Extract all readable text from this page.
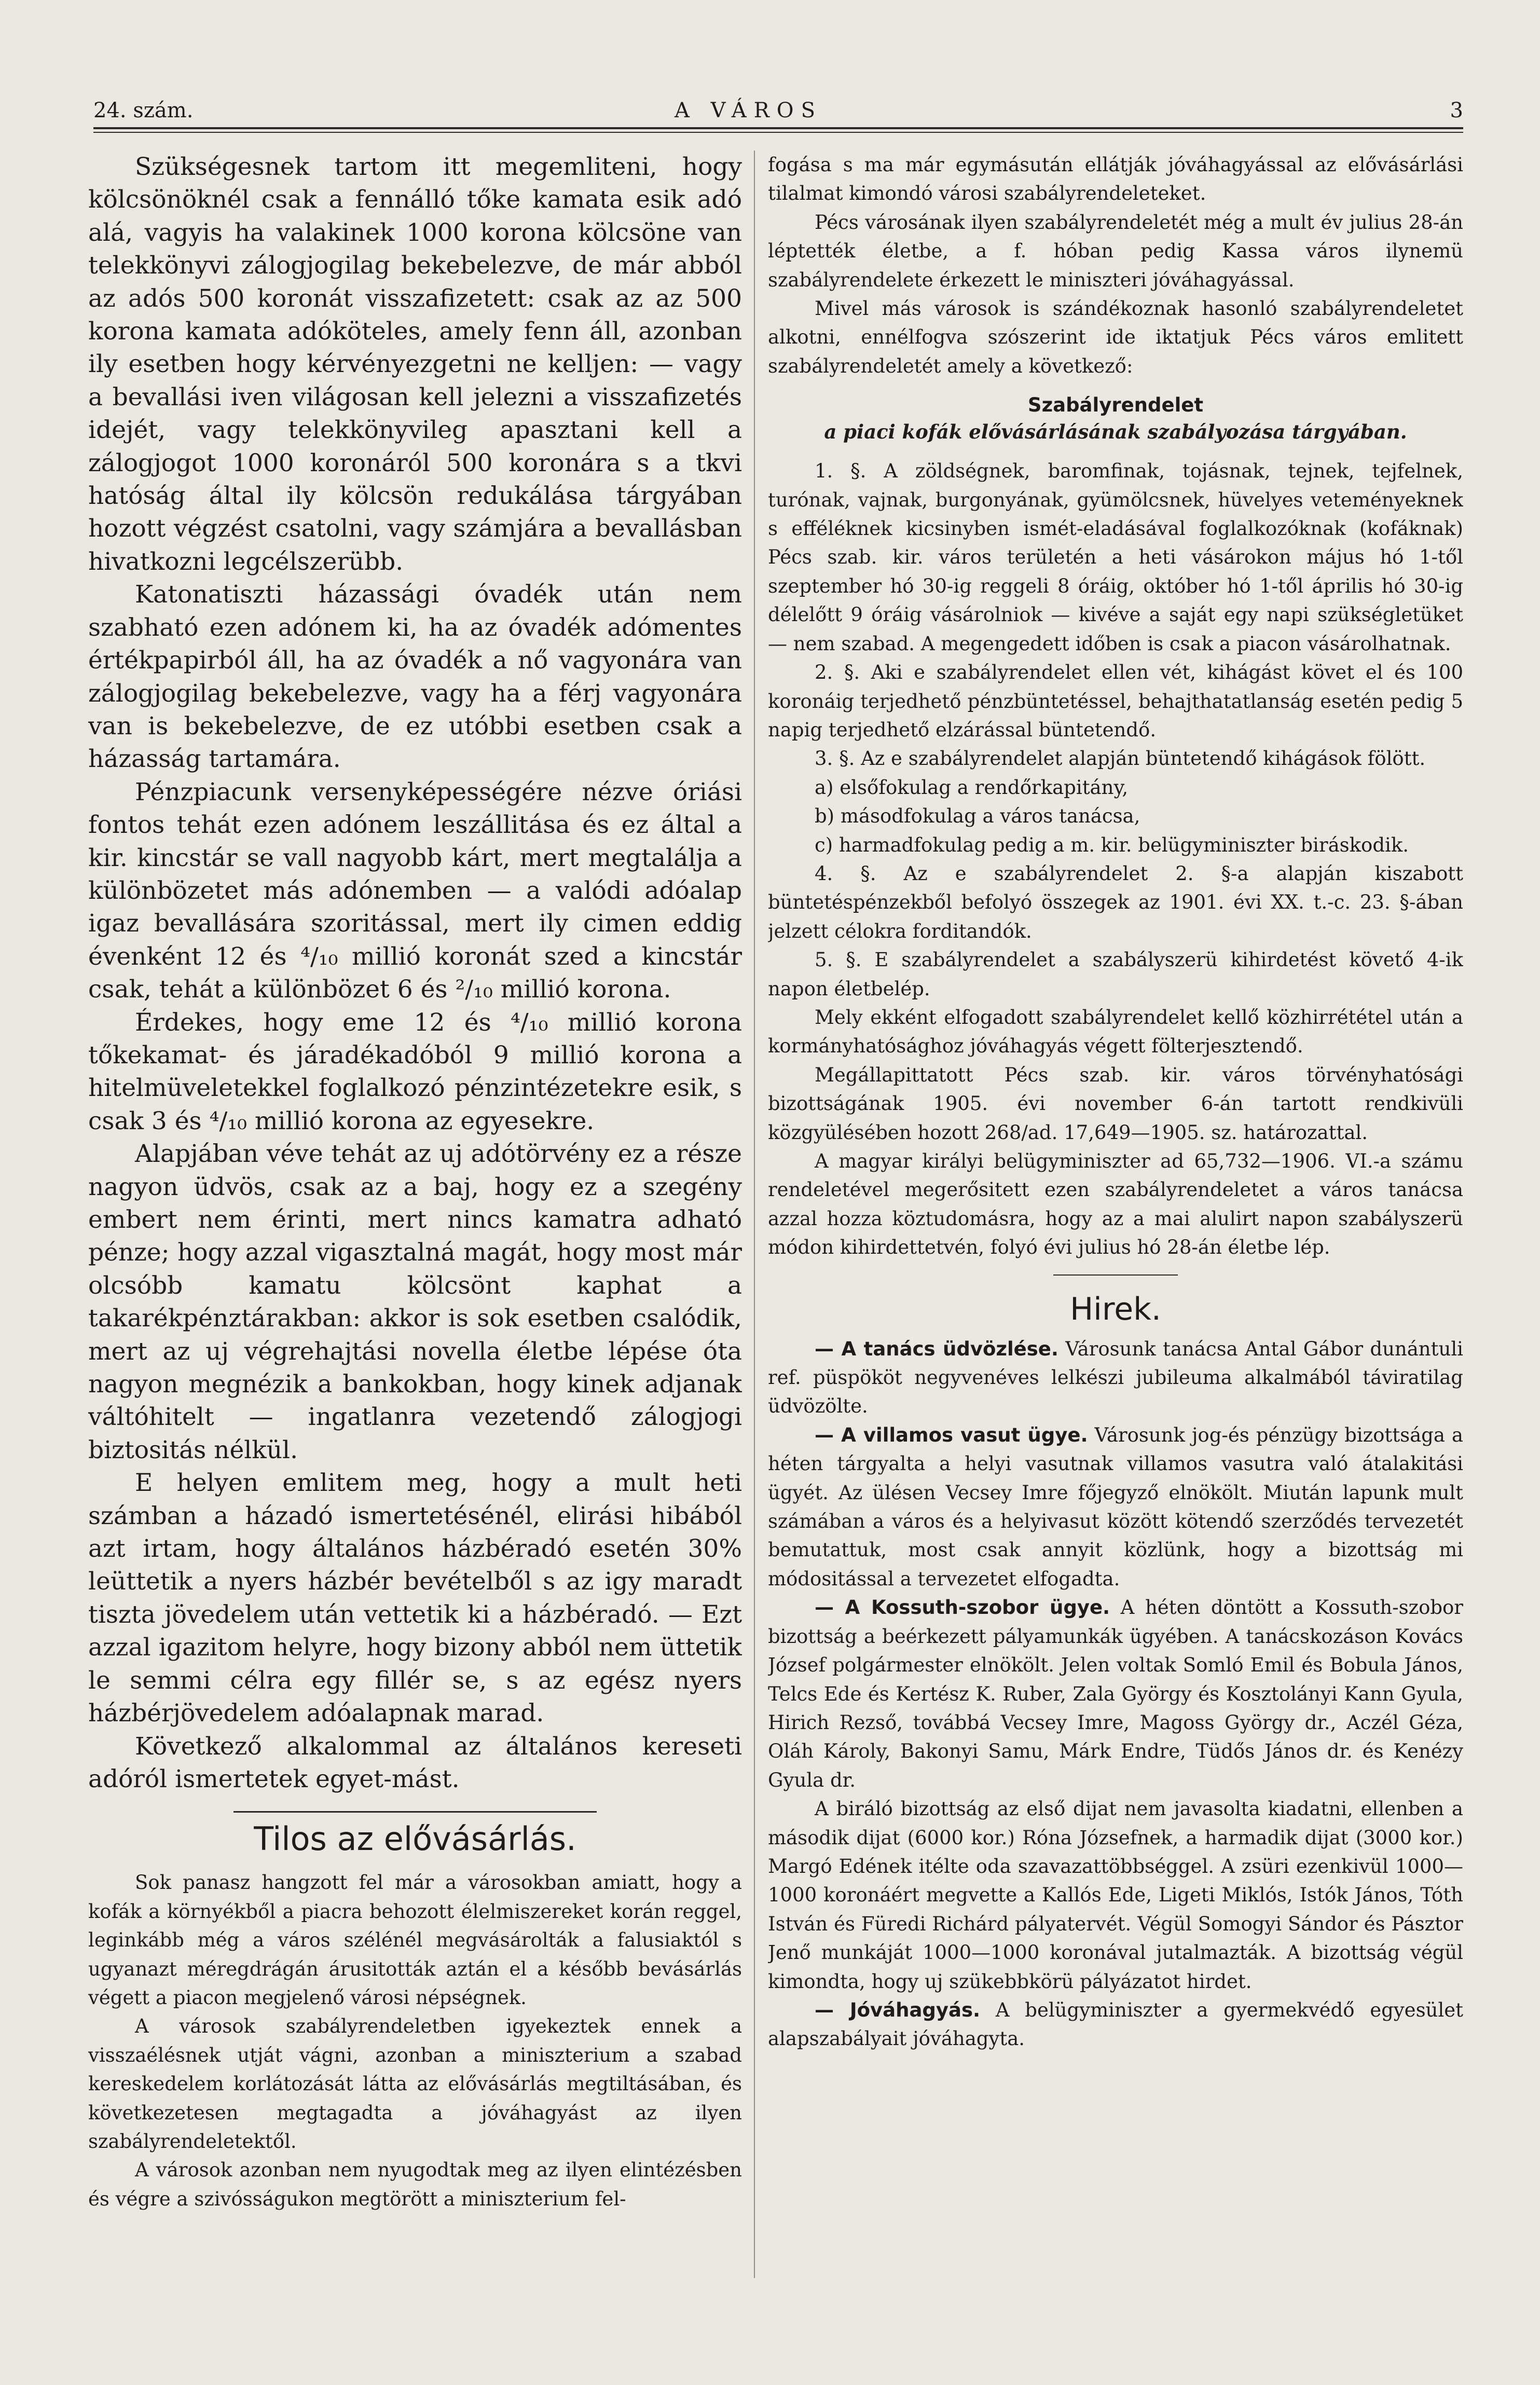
24. szám.	A VÁROS	3

Szükségesnek tartom itt megemliteni, hogy kölcsönöknél csak a fennálló tőke kamata esik adó alá, vagyis ha valakinek 1000 korona kölcsöne van telekkönyvi zálogjogilag bekebelezve, de már abból az adós 500 koronát visszafizetett: csak az az 500 korona kamata adóköteles, amely fenn áll, azonban ily esetben hogy kérvényezgetni ne kelljen: — vagy a bevallási iven világosan kell jelezni a visszafizetés idejét, vagy telekkönyvileg apasztani kell a zálogjogot 1000 koronáról 500 koronára s a tkvi hatóság által ily kölcsön redukálása tárgyában hozott végzést csatolni, vagy számjára a bevallásban hivatkozni legcélszerübb.

Katonatiszti házassági óvadék után nem szabható ezen adónem ki, ha az óvadék adómentes értékpapirból áll, ha az óvadék a nő vagyonára van zálogjogilag bekebelezve, vagy ha a férj vagyonára van is bekebelezve, de ez utóbbi esetben csak a házasság tartamára.

Pénzpiacunk versenyképességére nézve óriási fontos tehát ezen adónem leszállitása és ez által a kir. kincstár se vall nagyobb kárt, mert megtalálja a különbözetet más adónemben — a valódi adóalap igaz bevallására szoritással, mert ily cimen eddig évenként 12 és ⁴/₁₀ millió koronát szed a kincstár csak, tehát a különbözet 6 és ²/₁₀ millió korona.

Érdekes, hogy eme 12 és ⁴/₁₀ millió korona tőkekamat- és járadékadóból 9 millió korona a hitelmüveletekkel foglalkozó pénzintézetekre esik, s csak 3 és ⁴/₁₀ millió korona az egyesekre.

Alapjában véve tehát az uj adótörvény ez a része nagyon üdvös, csak az a baj, hogy ez a szegény embert nem érinti, mert nincs kamatra adható pénze; hogy azzal vigasztalná magát, hogy most már olcsóbb kamatu kölcsönt kaphat a takarékpénztárakban: akkor is sok esetben csalódik, mert az uj végrehajtási novella életbe lépése óta nagyon megnézik a bankokban, hogy kinek adjanak váltóhitelt — ingatlanra vezetendő zálogjogi biztositás nélkül.

E helyen emlitem meg, hogy a mult heti számban a házadó ismertetésénél, elirási hibából azt irtam, hogy általános házbéradó esetén 30% leüttetik a nyers házbér bevételből s az igy maradt tiszta jövedelem után vettetik ki a házbéradó. — Ezt azzal igazitom helyre, hogy bizony abból nem üttetik le semmi célra egy fillér se, s az egész nyers házbérjövedelem adóalapnak marad.

Következő alkalommal az általános kereseti adóról ismertetek egyet-mást.

Tilos az elővásárlás.

Sok panasz hangzott fel már a városokban amiatt, hogy a kofák a környékből a piacra behozott élelmiszereket korán reggel, leginkább még a város szélénél megvásárolták a falusiaktól s ugyanazt méregdrágán árusitották aztán el a később bevásárlás végett a piacon megjelenő városi népségnek.

A városok szabályrendeletben igyekeztek ennek a visszaélésnek utját vágni, azonban a miniszterium a szabad kereskedelem korlátozását látta az elővásárlás megtiltásában, és következetesen megtagadta a jóváhagyást az ilyen szabályrendeletektől.

A városok azonban nem nyugodtak meg az ilyen elintézésben és végre a szivósságukon megtörött a miniszterium fel-

fogása s ma már egymásután ellátják jóváhagyással az elővásárlási tilalmat kimondó városi szabályrendeleteket.

Pécs városának ilyen szabályrendeletét még a mult év julius 28-án léptették életbe, a f. hóban pedig Kassa város ilynemü szabályrendelete érkezett le miniszteri jóváhagyással.

Mivel más városok is szándékoznak hasonló szabályrendeletet alkotni, ennélfogva szószerint ide iktatjuk Pécs város emlitett szabályrendeletét amely a következő:

Szabályrendelet
a piaci kofák elővásárlásának szabályozása tárgyában.

1. §. A zöldségnek, baromfinak, tojásnak, tejnek, tejfelnek, turónak, vajnak, burgonyának, gyümölcsnek, hüvelyes veteményeknek s efféléknek kicsinyben ismét-eladásával foglalkozóknak (kofáknak) Pécs szab. kir. város területén a heti vásárokon május hó 1-től szeptember hó 30-ig reggeli 8 óráig, október hó 1-től április hó 30-ig délelőtt 9 óráig vásárolniok — kivéve a saját egy napi szükségletüket — nem szabad. A megengedett időben is csak a piacon vásárolhatnak.

2. §. Aki e szabályrendelet ellen vét, kihágást követ el és 100 koronáig terjedhető pénzbüntetéssel, behajthatatlanság esetén pedig 5 napig terjedhető elzárással büntetendő.

3. §. Az e szabályrendelet alapján büntetendő kihágások fölött.

a) elsőfokulag a rendőrkapitány,

b) másodfokulag a város tanácsa,

c) harmadfokulag pedig a m. kir. belügyminiszter biráskodik.

4. §. Az e szabályrendelet 2. §-a alapján kiszabott büntetéspénzekből befolyó összegek az 1901. évi XX. t.-c. 23. §-ában jelzett célokra forditandók.

5. §. E szabályrendelet a szabályszerü kihirdetést követő 4-ik napon életbelép.

Mely ekként elfogadott szabályrendelet kellő közhirrététel után a kormányhatósághoz jóváhagyás végett fölterjesztendő.

Megállapittatott Pécs szab. kir. város törvényhatósági bizottságának 1905. évi november 6-án tartott rendkivüli közgyülésében hozott 268/ad. 17,649—1905. sz. határozattal.

A magyar királyi belügyminiszter ad 65,732—1906. VI.-a számu rendeletével megerősitett ezen szabályrendeletet a város tanácsa azzal hozza köztudomásra, hogy az a mai alulirt napon szabályszerü módon kihirdettetvén, folyó évi julius hó 28-án életbe lép.

Hirek.

— A tanács üdvözlése. Városunk tanácsa Antal Gábor dunántuli ref. püspököt negyvenéves lelkészi jubileuma alkalmából táviratilag üdvözölte.

— A villamos vasut ügye. Városunk jog-és pénzügy bizottsága a héten tárgyalta a helyi vasutnak villamos vasutra való átalakitási ügyét. Az ülésen Vecsey Imre főjegyző elnökölt. Miután lapunk mult számában a város és a helyivasut között kötendő szerződés tervezetét bemutattuk, most csak annyit közlünk, hogy a bizottság mi módositással a tervezetet elfogadta.

— A Kossuth-szobor ügye. A héten döntött a Kossuth-szobor bizottság a beérkezett pályamunkák ügyében. A tanácskozáson Kovács József polgármester elnökölt. Jelen voltak Somló Emil és Bobula János, Telcs Ede és Kertész K. Ruber, Zala György és Kosztolányi Kann Gyula, Hirich Rezső, továbbá Vecsey Imre, Magoss György dr., Aczél Géza, Oláh Károly, Bakonyi Samu, Márk Endre, Tüdős János dr. és Kenézy Gyula dr.

A biráló bizottság az első dijat nem javasolta kiadatni, ellenben a második dijat (6000 kor.) Róna Józsefnek, a harmadik dijat (3000 kor.) Margó Edének itélte oda szavazattöbbséggel. A zsüri ezenkivül 1000—1000 koronáért megvette a Kallós Ede, Ligeti Miklós, Istók János, Tóth István és Füredi Richárd pályatervét. Végül Somogyi Sándor és Pásztor Jenő munkáját 1000—1000 koronával jutalmazták. A bizottság végül kimondta, hogy uj szükebbkörü pályázatot hirdet.

— Jóváhagyás. A belügyminiszter a gyermekvédő egyesület alapszabályait jóváhagyta.
